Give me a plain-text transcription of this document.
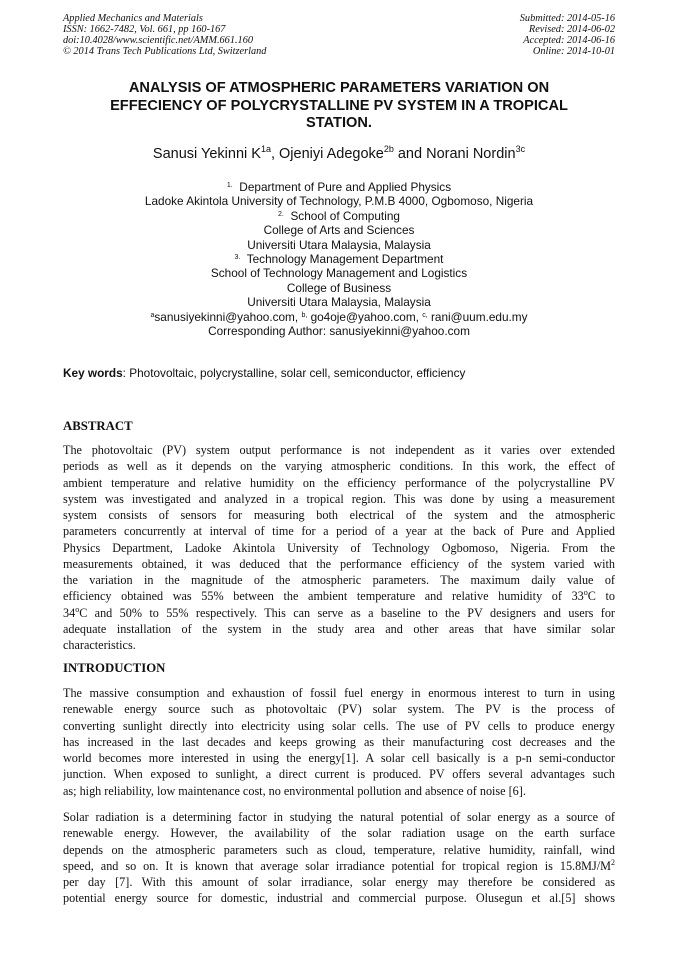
Applied Mechanics and Materials
ISSN: 1662-7482, Vol. 661, pp 160-167
doi:10.4028/www.scientific.net/AMM.661.160
© 2014 Trans Tech Publications Ltd, Switzerland
Submitted: 2014-05-16
Revised: 2014-06-02
Accepted: 2014-06-16
Online: 2014-10-01
ANALYSIS OF ATMOSPHERIC PARAMETERS VARIATION ON
EFFECIENCY OF POLYCRYSTALLINE PV SYSTEM IN A TROPICAL
STATION.
Sanusi Yekinni $K^{1a}$, Ojeniyi Adegoke$^{2b}$ and Norani Nordin$^{3c}$
$^{1.}$ Department of Pure and Applied Physics
Ladoke Akintola University of Technology, P.M.B 4000, Ogbomoso, Nigeria
$^{2.}$ School of Computing
College of Arts and Sciences
Universiti Utara Malaysia, Malaysia
$^{3.}$ Technology Management Department
School of Technology Management and Logistics
College of Business
Universiti Utara Malaysia, Malaysia
$^a$sanusiyekinni@yahoo.com, $^{b,}$ go4oje@yahoo.com, $^{c,}$ rani@uum.edu.my
Corresponding Author: sanusiyekinni@yahoo.com
Key words: Photovoltaic, polycrystalline, solar cell, semiconductor, efficiency
ABSTRACT
The photovoltaic (PV) system output performance is not independent as it varies over extended
periods as well as it depends on the varying atmospheric conditions. In this work, the effect of
ambient temperature and relative humidity on the efficiency performance of the polycrystalline PV
system was investigated and analyzed in a tropical region. This was done by using a measurement
system consists of sensors for measuring both electrical of the system and the atmospheric
parameters concurrently at interval of time for a period of a year at the back of Pure and Applied
Physics Department, Ladoke Akintola University of Technology Ogbomoso, Nigeria. From the
measurements obtained, it was deduced that the performance efficiency of the system varied with
the variation in the magnitude of the atmospheric parameters. The maximum daily value of
efficiency obtained was 55% between the ambient temperature and relative humidity of 33$^o$C to
34$^o$C and 50% to 55% respectively. This can serve as a baseline to the PV designers and users for
adequate installation of the system in the study area and other areas that have similar solar
characteristics.
INTRODUCTION
The massive consumption and exhaustion of fossil fuel energy in enormous interest to turn in using
renewable energy source such as photovoltaic (PV) solar system. The PV is the process of
converting sunlight directly into electricity using solar cells. The use of PV cells to produce energy
has increased in the last decades and keeps growing as their manufacturing cost decreases and the
world becomes more interested in using the energy[1]. A solar cell basically is a p-n semi-conductor
junction. When exposed to sunlight, a direct current is produced. PV offers several advantages such
as; high reliability, low maintenance cost, no environmental pollution and absence of noise [6].
Solar radiation is a determining factor in studying the natural potential of solar energy as a source of
renewable energy. However, the availability of the solar radiation usage on the earth surface
depends on the atmospheric parameters such as cloud, temperature, relative humidity, rainfall, wind
speed, and so on. It is known that average solar irradiance potential for tropical region is $15.8MJ/M^2$
per day [7]. With this amount of solar irradiance, solar energy may therefore be considered as
potential energy source for domestic, industrial and commercial purpose. Olusegun et al.[5] shows
